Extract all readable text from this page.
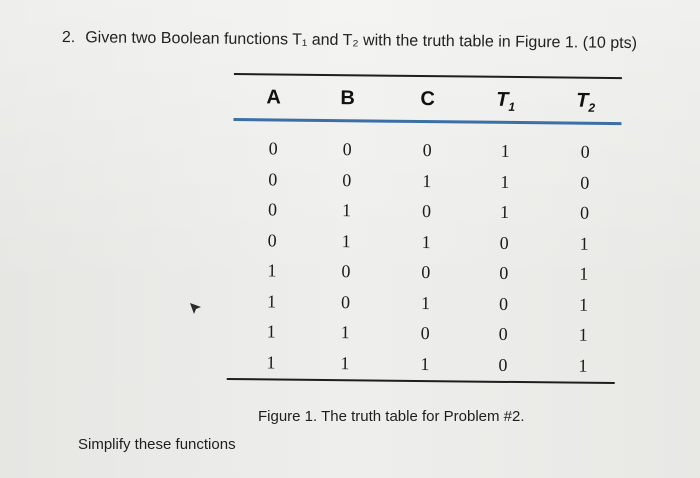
2. Given two Boolean functions T₁ and T₂ with the truth table in Figure 1. (10 pts)
A	B	C	$T_1$	$T_2$
0	0	0	1	0
0	0	1	1	0
0	1	0	1	0
0	1	1	0	1
1	0	0	0	1
1	0	1	0	1
1	1	0	0	1
1	1	1	0	1
Figure 1. The truth table for Problem #2.
Simplify these functions
